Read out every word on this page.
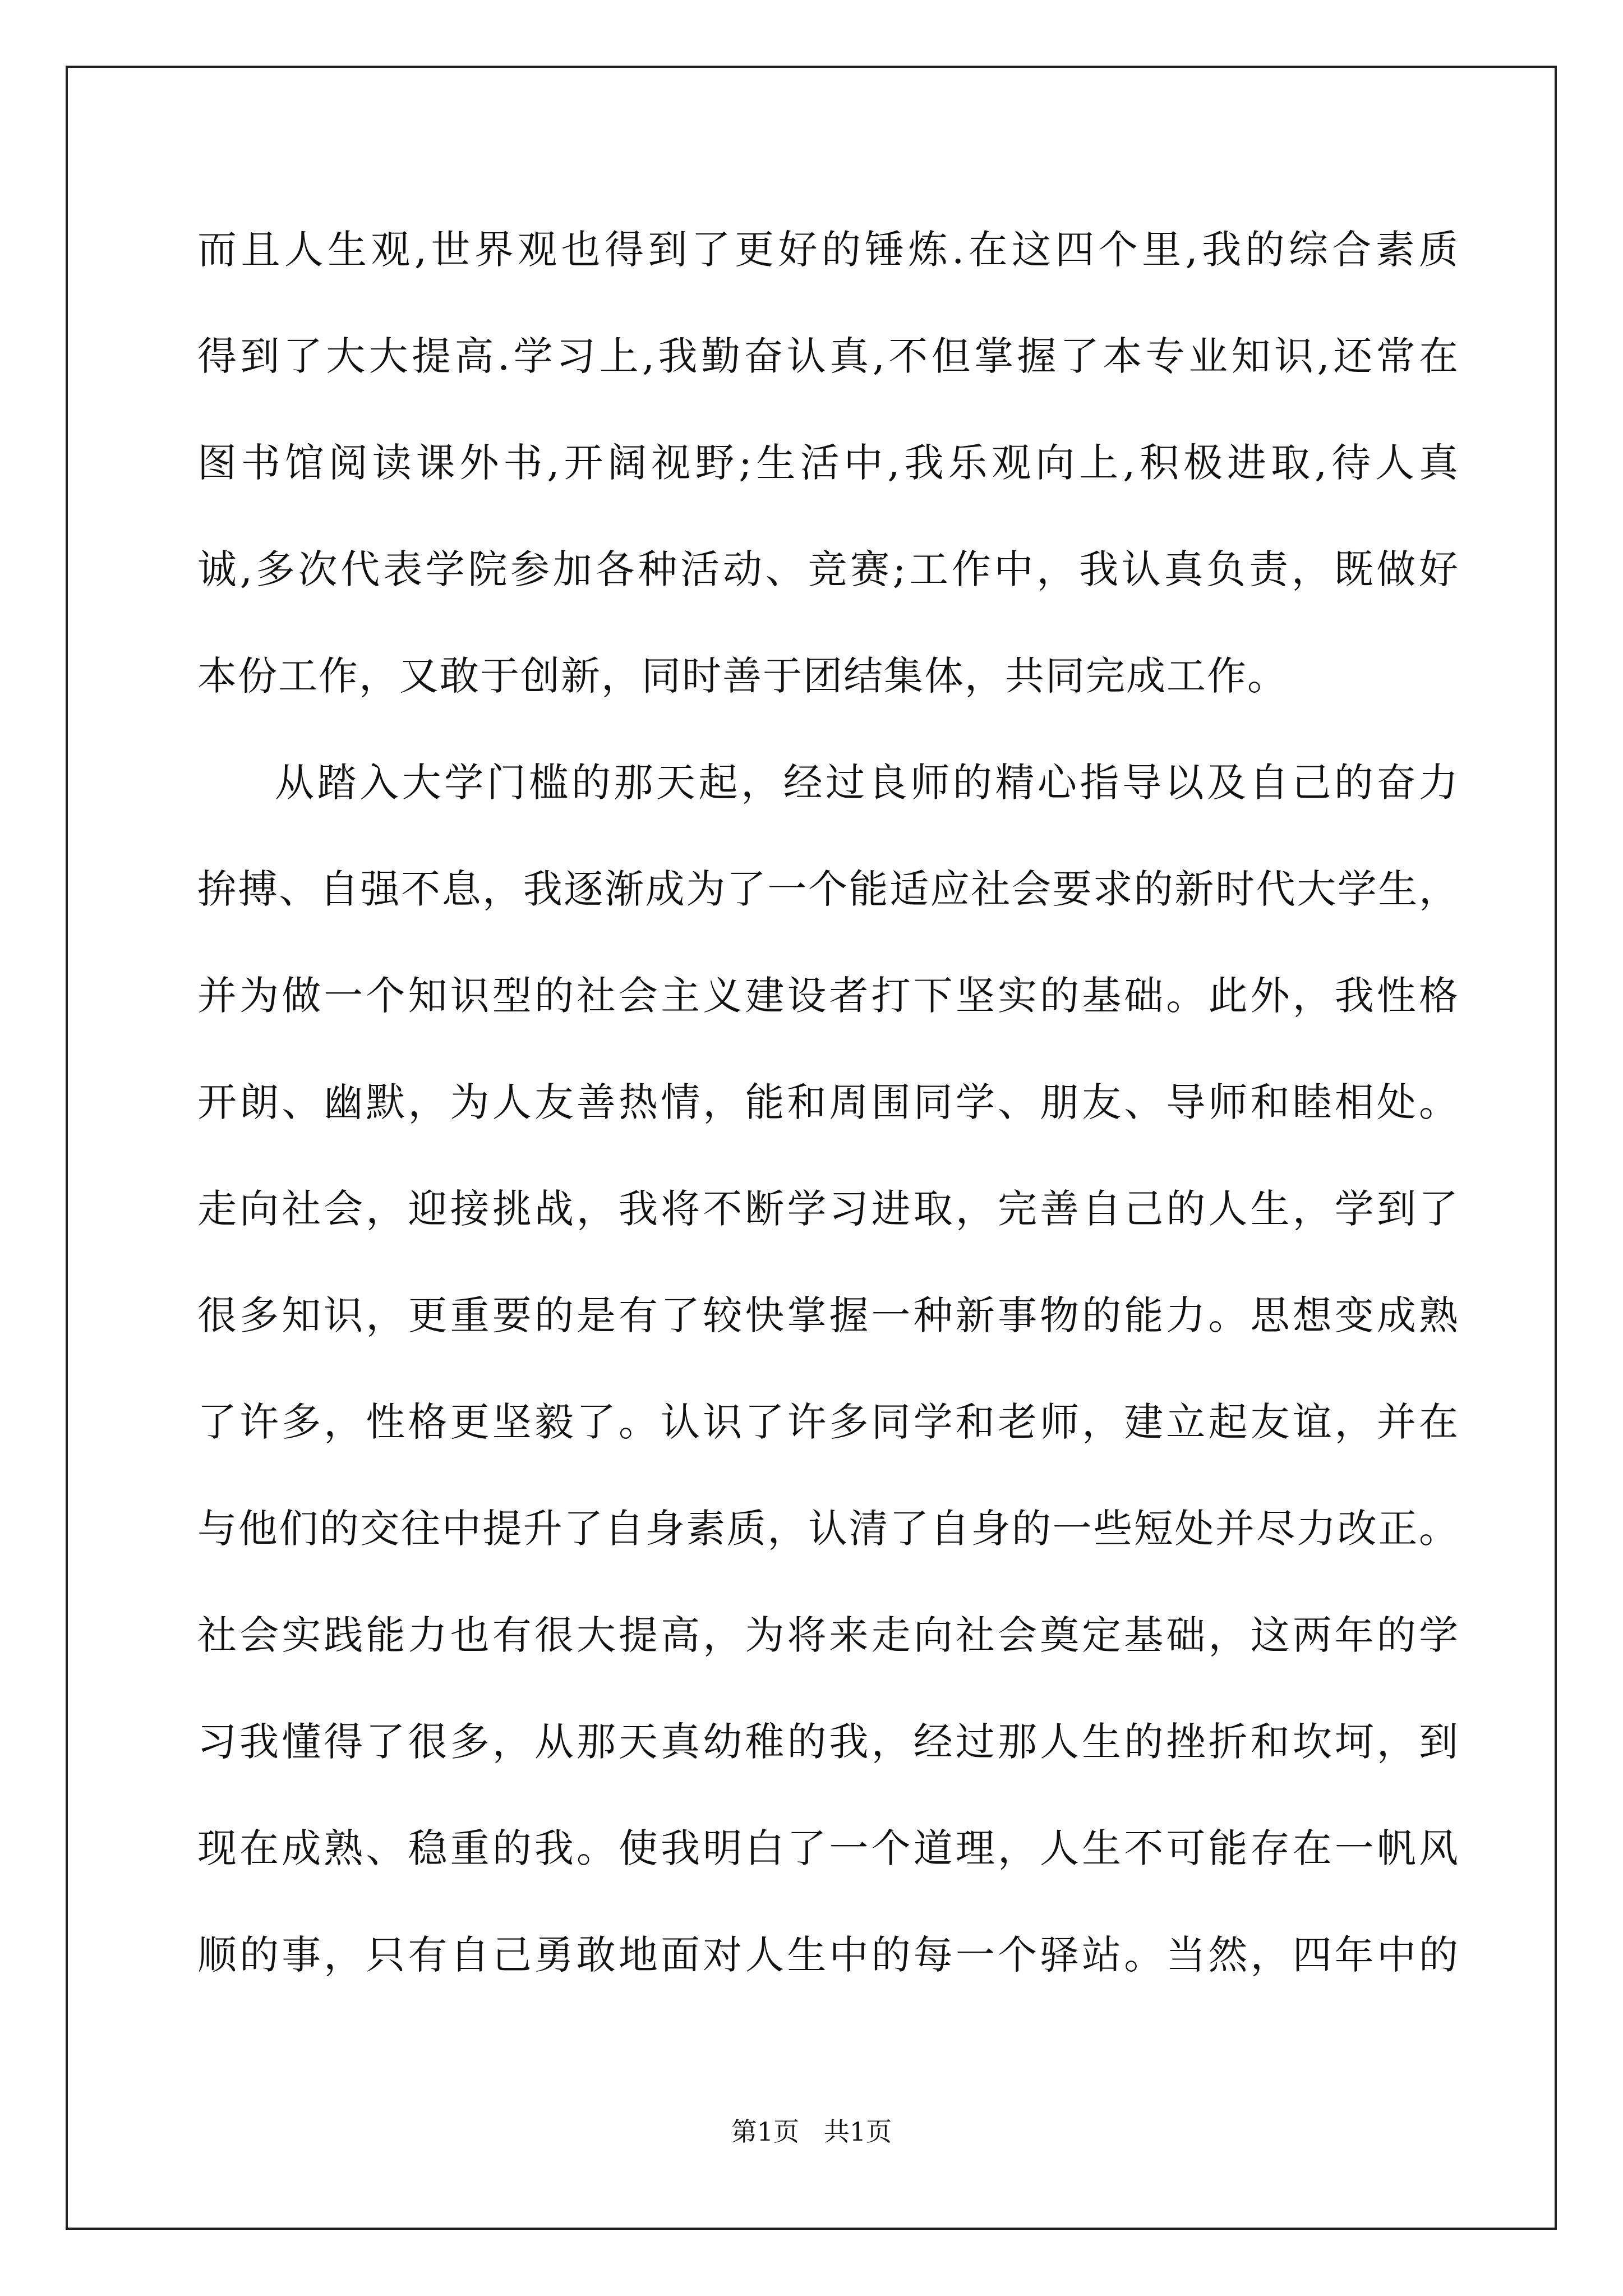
而且人生观,世界观也得到了更好的锤炼.在这四个里,我的综合素质
得到了大大提高.学习上,我勤奋认真,不但掌握了本专业知识,还常在
图书馆阅读课外书,开阔视野;生活中,我乐观向上,积极进取,待人真
诚,多次代表学院参加各种活动、竞赛;工作中，我认真负责，既做好
本份工作，又敢于创新，同时善于团结集体，共同完成工作。
从踏入大学门槛的那天起，经过良师的精心指导以及自己的奋力
拚搏、自强不息，我逐渐成为了一个能适应社会要求的新时代大学生，
并为做一个知识型的社会主义建设者打下坚实的基础。此外，我性格
开朗、幽默，为人友善热情，能和周围同学、朋友、导师和睦相处。
走向社会，迎接挑战，我将不断学习进取，完善自己的人生，学到了
很多知识，更重要的是有了较快掌握一种新事物的能力。思想变成熟
了许多，性格更坚毅了。认识了许多同学和老师，建立起友谊，并在
与他们的交往中提升了自身素质，认清了自身的一些短处并尽力改正。
社会实践能力也有很大提高，为将来走向社会奠定基础，这两年的学
习我懂得了很多，从那天真幼稚的我，经过那人生的挫折和坎坷，到
现在成熟、稳重的我。使我明白了一个道理，人生不可能存在一帆风
顺的事，只有自己勇敢地面对人生中的每一个驿站。当然，四年中的
第1页   共1页
